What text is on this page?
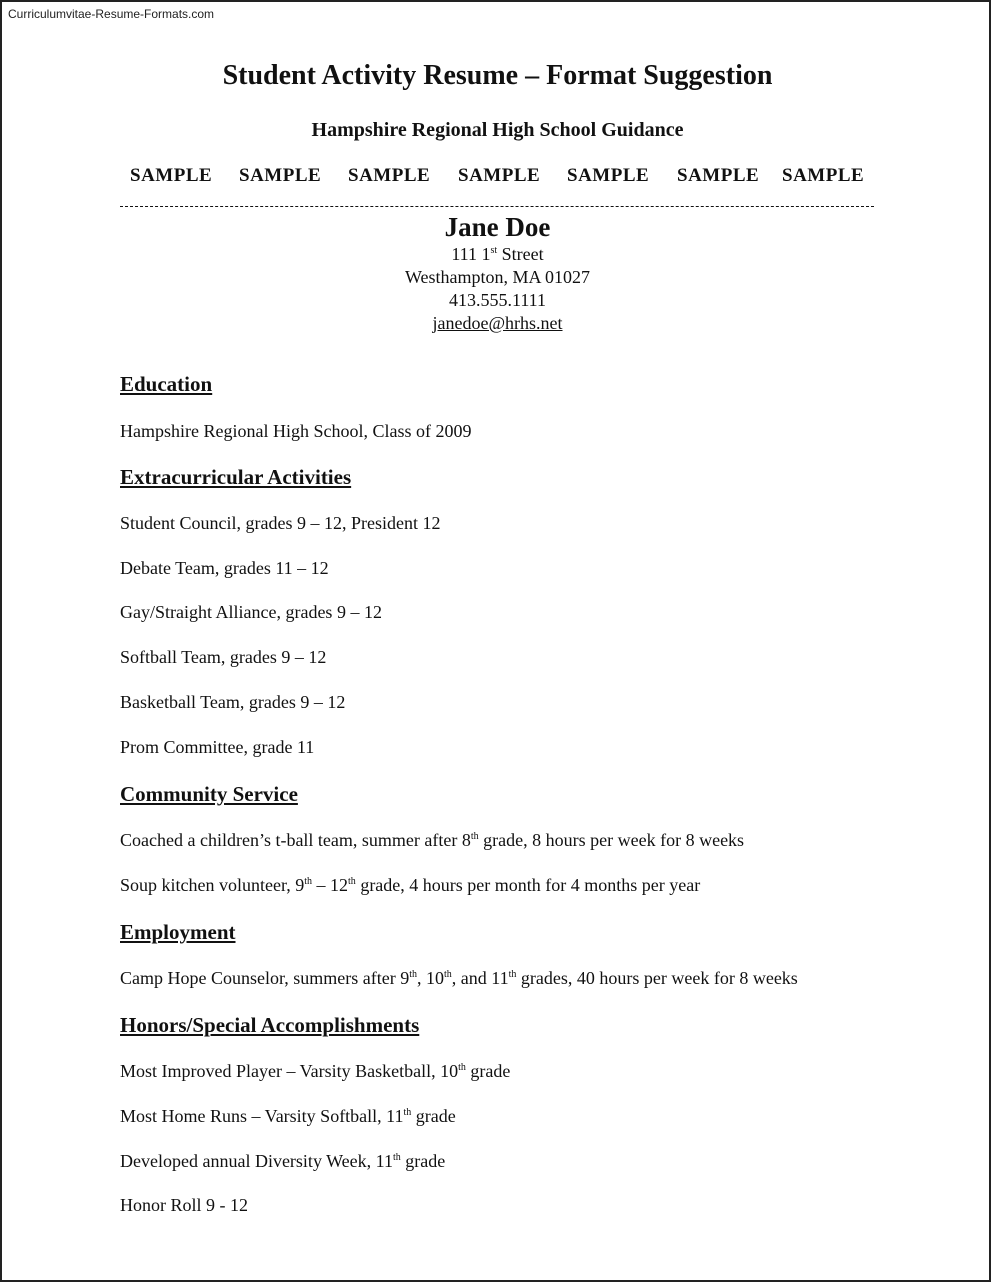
Curriculumvitae-Resume-Formats.com
Student Activity Resume – Format Suggestion
Hampshire Regional High School Guidance
SAMPLE SAMPLE SAMPLE SAMPLE SAMPLE SAMPLE SAMPLE
Jane Doe
111 1st Street
Westhampton, MA 01027
413.555.1111
janedoe@hrhs.net
Education
Hampshire Regional High School, Class of 2009
Extracurricular Activities
Student Council, grades 9 – 12, President 12
Debate Team, grades 11 – 12
Gay/Straight Alliance, grades 9 – 12
Softball Team, grades 9 – 12
Basketball Team, grades 9 – 12
Prom Committee, grade 11
Community Service
Coached a children’s t-ball team, summer after 8th grade, 8 hours per week for 8 weeks
Soup kitchen volunteer, 9th – 12th grade, 4 hours per month for 4 months per year
Employment
Camp Hope Counselor, summers after 9th, 10th, and 11th grades, 40 hours per week for 8 weeks
Honors/Special Accomplishments
Most Improved Player – Varsity Basketball, 10th grade
Most Home Runs – Varsity Softball, 11th grade
Developed annual Diversity Week, 11th grade
Honor Roll 9 - 12
